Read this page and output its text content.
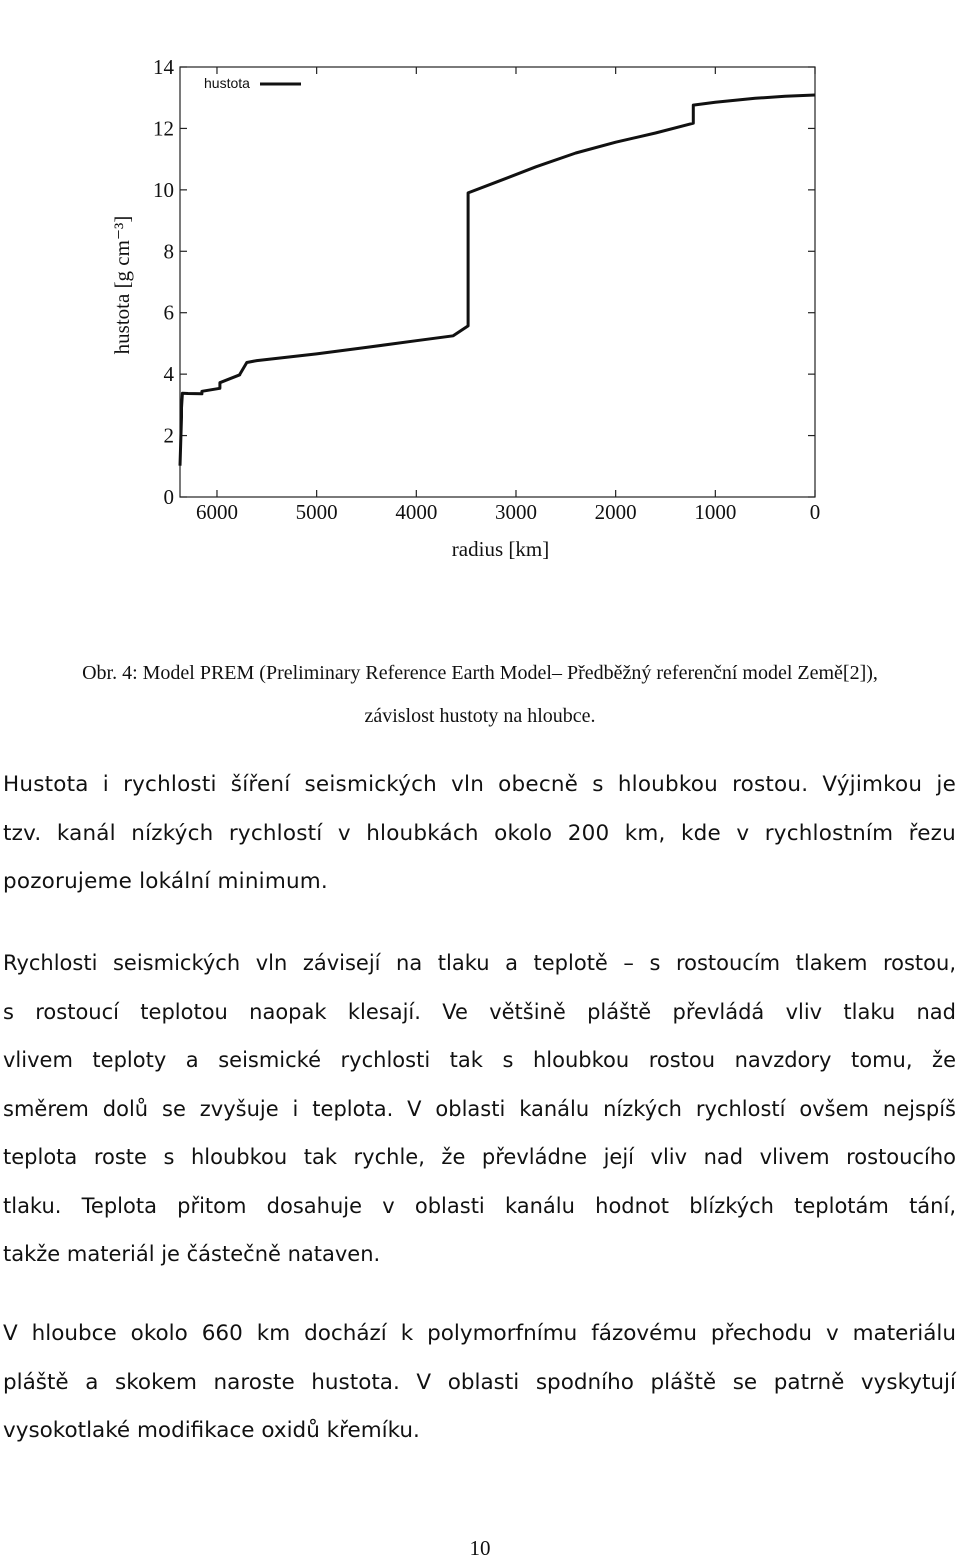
6000	5000	4000	3000	2000	1000	0
0
2
4
6
8
10
12
14
radius [km]
hustota [g cm⁻³]
hustota
Obr. 4: Model PREM (Preliminary Reference Earth Model– Předběžný referenční model Země[2]),
závislost hustoty na hloubce.
Hustota i rychlosti šíření seismických vln obecně s hloubkou rostou. Výjimkou je
tzv. kanál nízkých rychlostí v hloubkách okolo 200 km, kde v rychlostním řezu
pozorujeme lokální minimum.
Rychlosti seismických vln závisejí na tlaku a teplotě – s rostoucím tlakem rostou,
s rostoucí teplotou naopak klesají. Ve většině pláště převládá vliv tlaku nad
vlivem teploty a seismické rychlosti tak s hloubkou rostou navzdory tomu, že
směrem dolů se zvyšuje i teplota. V oblasti kanálu nízkých rychlostí ovšem nejspíš
teplota roste s hloubkou tak rychle, že převládne její vliv nad vlivem rostoucího
tlaku. Teplota přitom dosahuje v oblasti kanálu hodnot blízkých teplotám tání,
takže materiál je částečně nataven.
V hloubce okolo 660 km dochází k polymorfnímu fázovému přechodu v materiálu
pláště a skokem naroste hustota. V oblasti spodního pláště se patrně vyskytují
vysokotlaké modifikace oxidů křemíku.
10
